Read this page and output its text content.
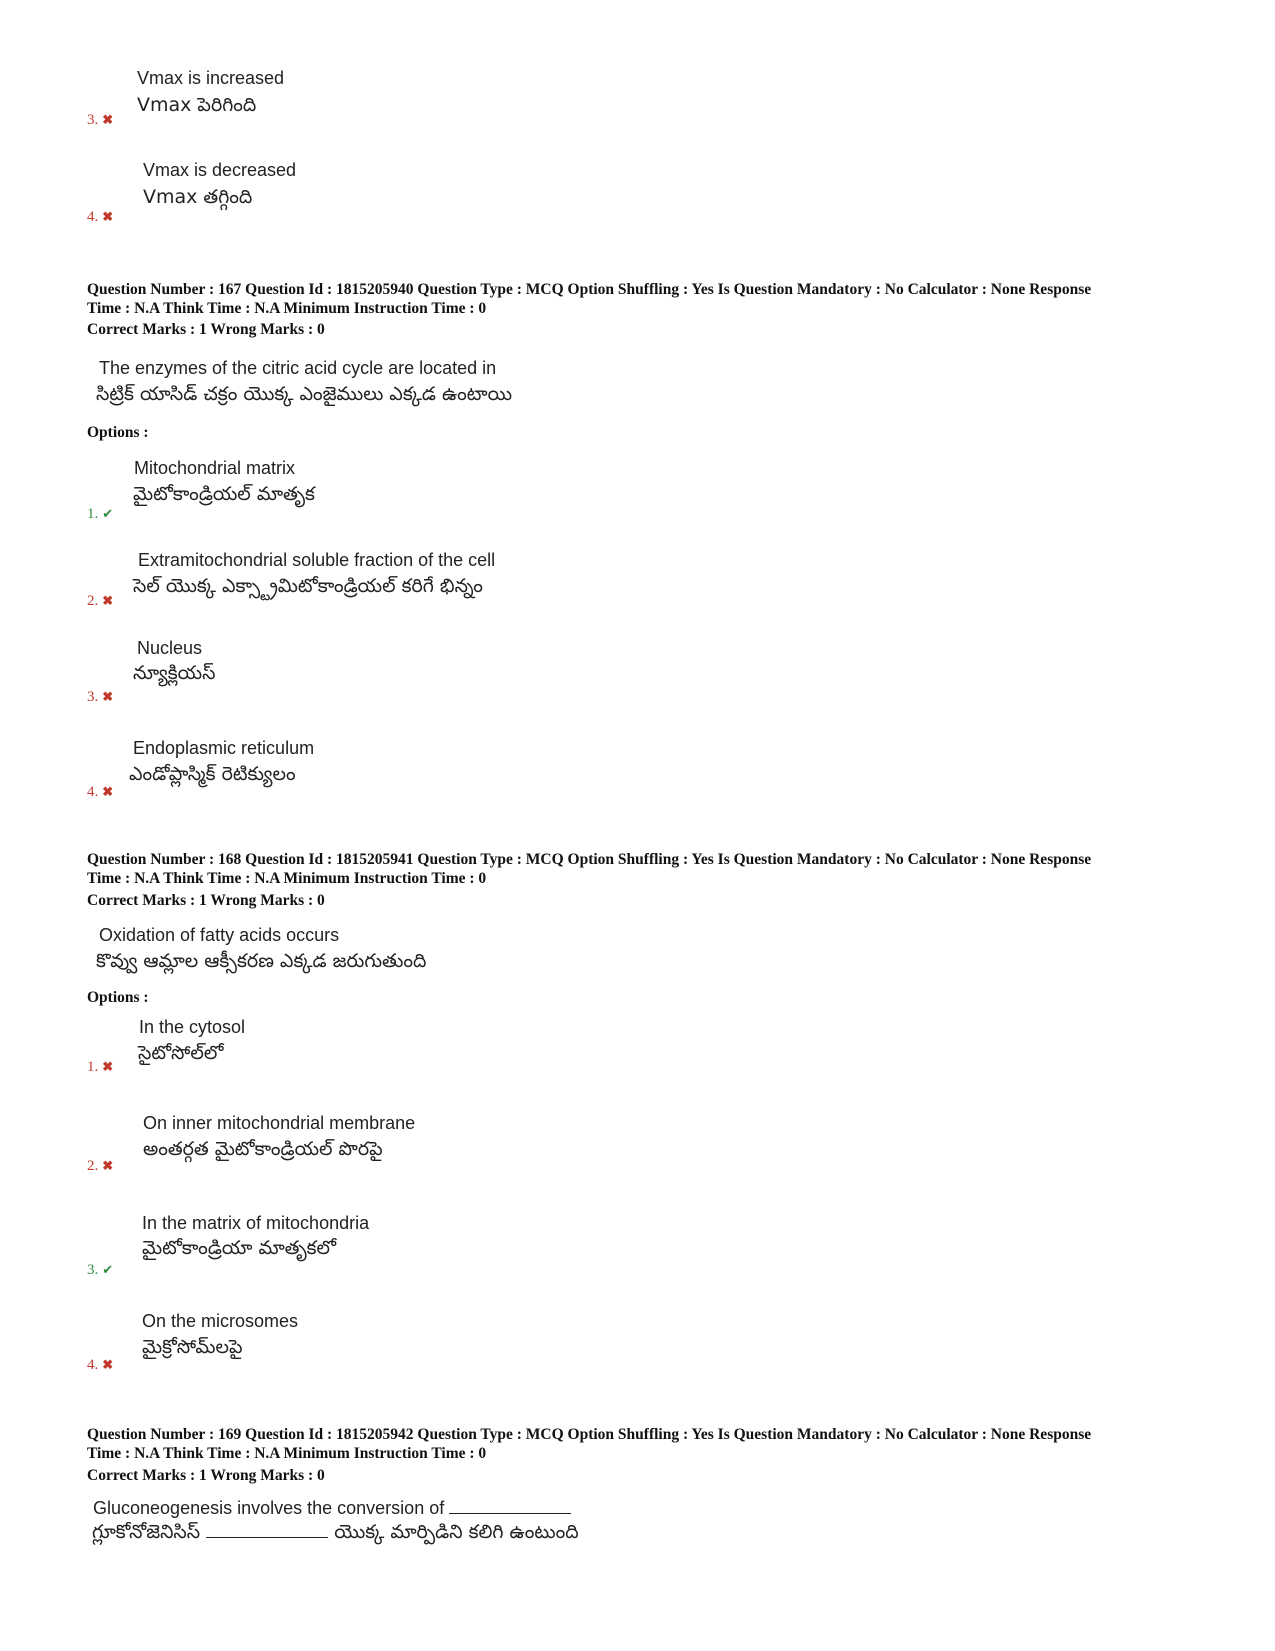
Vmax is increased
Vmax పెరిగింది
3. ✖
Vmax is decreased
Vmax తగ్గింది
4. ✖
Question Number : 167 Question Id : 1815205940 Question Type : MCQ Option Shuffling : Yes Is Question Mandatory : No Calculator : None Response
Time : N.A Think Time : N.A Minimum Instruction Time : 0
Correct Marks : 1 Wrong Marks : 0
The enzymes of the citric acid cycle are located in
సిట్రిక్ యాసిడ్ చక్రం యొక్క ఎంజైములు ఎక్కడ ఉంటాయి
Options :
Mitochondrial matrix
మైటోకాండ్రియల్ మాతృక
1. ✔
Extramitochondrial soluble fraction of the cell
సెల్ యొక్క ఎక్స్ట్రామిటోకాండ్రియల్ కరిగే భిన్నం
2. ✖
Nucleus
న్యూక్లియస్
3. ✖
Endoplasmic reticulum
ఎండోప్లాస్మిక్ రెటిక్యులం
4. ✖
Question Number : 168 Question Id : 1815205941 Question Type : MCQ Option Shuffling : Yes Is Question Mandatory : No Calculator : None Response
Time : N.A Think Time : N.A Minimum Instruction Time : 0
Correct Marks : 1 Wrong Marks : 0
Oxidation of fatty acids occurs
కొవ్వు ఆమ్లాల ఆక్సీకరణ ఎక్కడ జరుగుతుంది
Options :
In the cytosol
సైటోసోల్‌లో
1. ✖
On inner mitochondrial membrane
అంతర్గత మైటోకాండ్రియల్ పొరపై
2. ✖
In the matrix of mitochondria
మైటోకాండ్రియా మాతృకలో
3. ✔
On the microsomes
మైక్రోసోమ్‌లపై
4. ✖
Question Number : 169 Question Id : 1815205942 Question Type : MCQ Option Shuffling : Yes Is Question Mandatory : No Calculator : None Response
Time : N.A Think Time : N.A Minimum Instruction Time : 0
Correct Marks : 1 Wrong Marks : 0
Gluconeogenesis involves the conversion of
గ్లూకోనోజెనిసిస్	యొక్క మార్పిడిని కలిగి ఉంటుంది
